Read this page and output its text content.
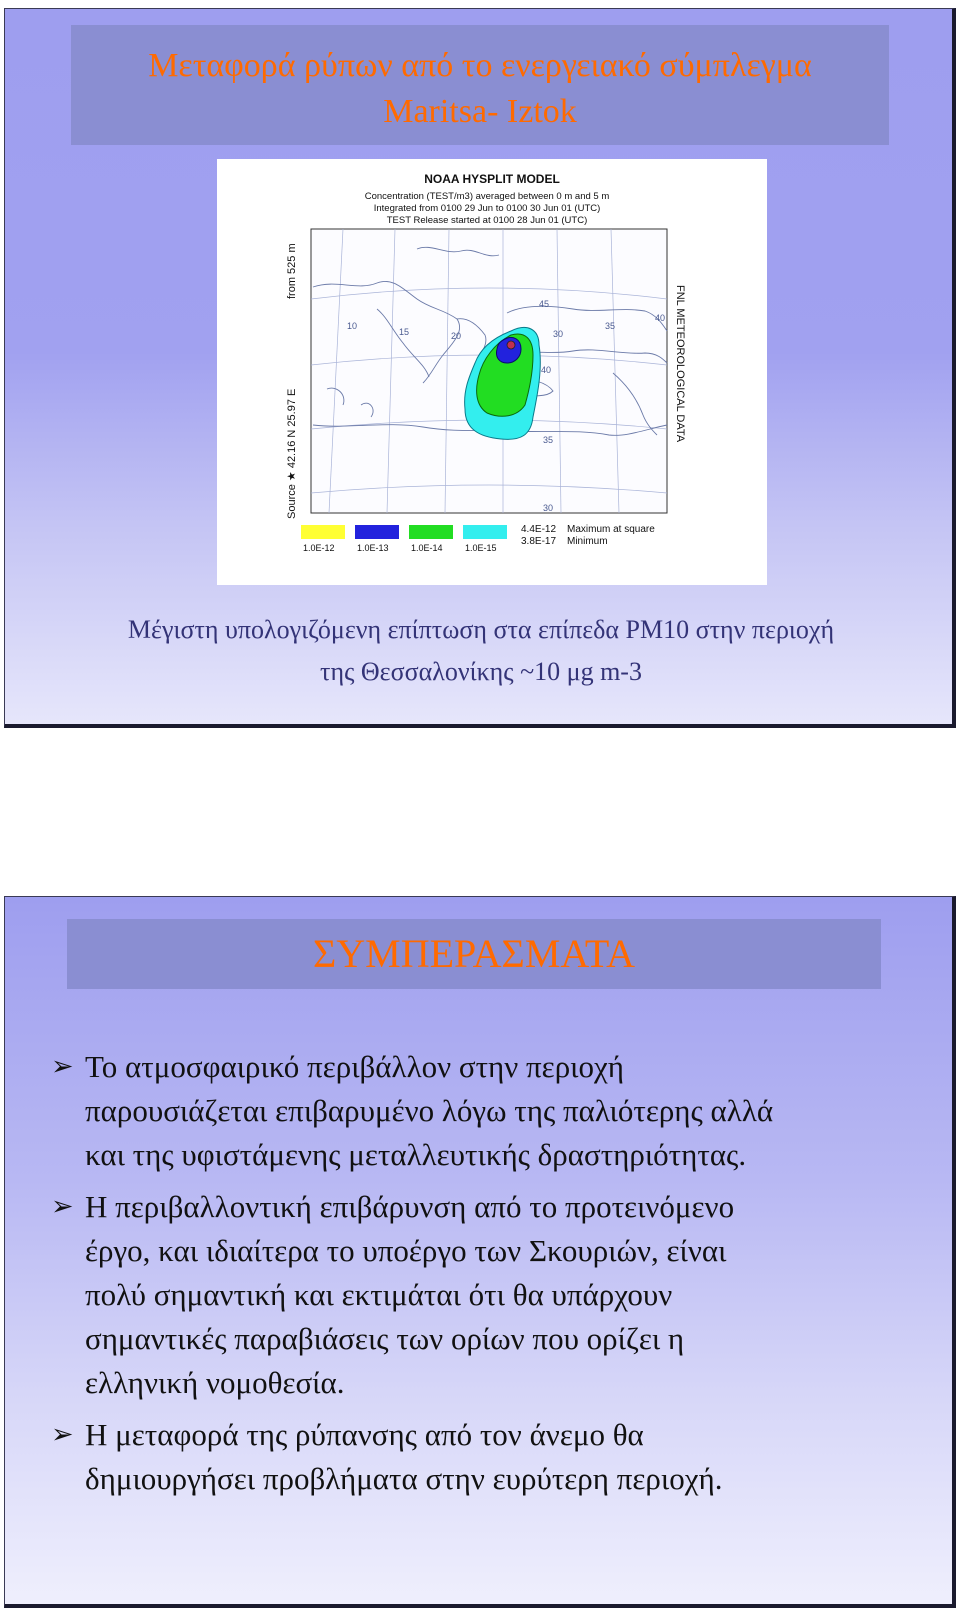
Μεταφορά ρύπων από το ενεργειακό σύμπλεγμα
Maritsa- Iztok
NOAA HYSPLIT MODEL
Concentration (TEST/m3) averaged between 0 m and 5 m
Integrated from 0100 29 Jun to 0100 30 Jun 01 (UTC)
TEST Release started at 0100 28 Jun 01 (UTC)
from 525 m
Source ★ 42.16 N 25.97 E
FNL METEOROLOGICAL DATA
45
40
35
30
10
15	20	30
35
40
1.0E-12 1.0E-13 1.0E-14 1.0E-15
4.4E-12 Maximum at square
3.8E-17 Minimum
Μέγιστη υπολογιζόμενη επίπτωση στα επίπεδα PM10 στην περιοχή
της Θεσσαλονίκης ~10 μg m-3
ΣΥΜΠΕΡΑΣΜΑΤΑ
➢ Το ατμοσφαιρικό περιβάλλον στην περιοχή
παρουσιάζεται επιβαρυμένο λόγω της παλιότερης αλλά
και της υφιστάμενης μεταλλευτικής δραστηριότητας.
➢ Η περιβαλλοντική επιβάρυνση από το προτεινόμενο
έργο, και ιδιαίτερα το υποέργο των Σκουριών, είναι
πολύ σημαντική και εκτιμάται ότι θα υπάρχουν
σημαντικές παραβιάσεις των ορίων που ορίζει η
ελληνική νομοθεσία.
➢ Η μεταφορά της ρύπανσης από τον άνεμο θα
δημιουργήσει προβλήματα στην ευρύτερη περιοχή.
